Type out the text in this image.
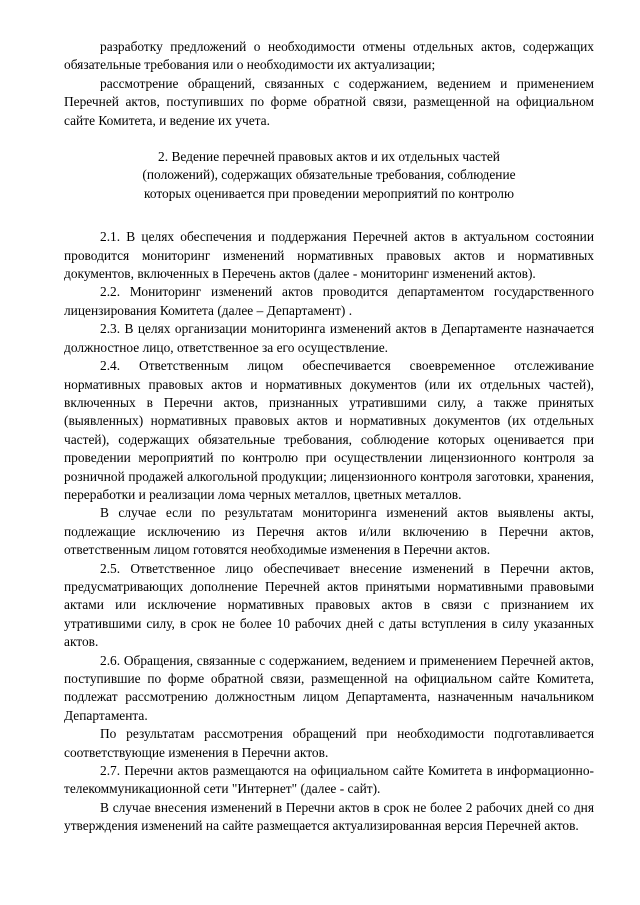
разработку предложений о необходимости отмены отдельных актов, содержащих обязательные требования или о необходимости их актуализации;

рассмотрение обращений, связанных с содержанием, ведением и применением Перечней актов, поступивших по форме обратной связи, размещенной на официальном сайте Комитета, и ведение их учета.

2. Ведение перечней правовых актов и их отдельных частей (положений), содержащих обязательные требования, соблюдение которых оценивается при проведении мероприятий по контролю

2.1. В целях обеспечения и поддержания Перечней актов в актуальном состоянии проводится мониторинг изменений нормативных правовых актов и нормативных документов, включенных в Перечень актов (далее - мониторинг изменений актов).

2.2. Мониторинг изменений актов проводится департаментом государственного лицензирования Комитета (далее – Департамент) .

2.3. В целях организации мониторинга изменений актов в Департаменте назначается должностное лицо, ответственное за его осуществление.

2.4. Ответственным лицом обеспечивается своевременное отслеживание нормативных правовых актов и нормативных документов (или их отдельных частей), включенных в Перечни актов, признанных утратившими силу, а также принятых (выявленных) нормативных правовых актов и нормативных документов (их отдельных частей), содержащих обязательные требования, соблюдение которых оценивается при проведении мероприятий по контролю при осуществлении лицензионного контроля за розничной продажей алкогольной продукции; лицензионного контроля заготовки, хранения, переработки и реализации лома черных металлов, цветных металлов.

В случае если по результатам мониторинга изменений актов выявлены акты, подлежащие исключению из Перечня актов и/или включению в Перечни актов, ответственным лицом готовятся необходимые изменения в Перечни актов.

2.5. Ответственное лицо обеспечивает внесение изменений в Перечни актов, предусматривающих дополнение Перечней актов принятыми нормативными правовыми актами или исключение нормативных правовых актов в связи с признанием их утратившими силу, в срок не более 10 рабочих дней с даты вступления в силу указанных актов.

2.6. Обращения, связанные с содержанием, ведением и применением Перечней актов, поступившие по форме обратной связи, размещенной на официальном сайте Комитета, подлежат рассмотрению должностным лицом Департамента, назначенным начальником Департамента.

По результатам рассмотрения обращений при необходимости подготавливается соответствующие изменения в Перечни актов.

2.7. Перечни актов размещаются на официальном сайте Комитета в информационно-телекоммуникационной сети "Интернет" (далее - сайт).

В случае внесения изменений в Перечни актов в срок не более 2 рабочих дней со дня утверждения изменений на сайте размещается актуализированная версия Перечней актов.
